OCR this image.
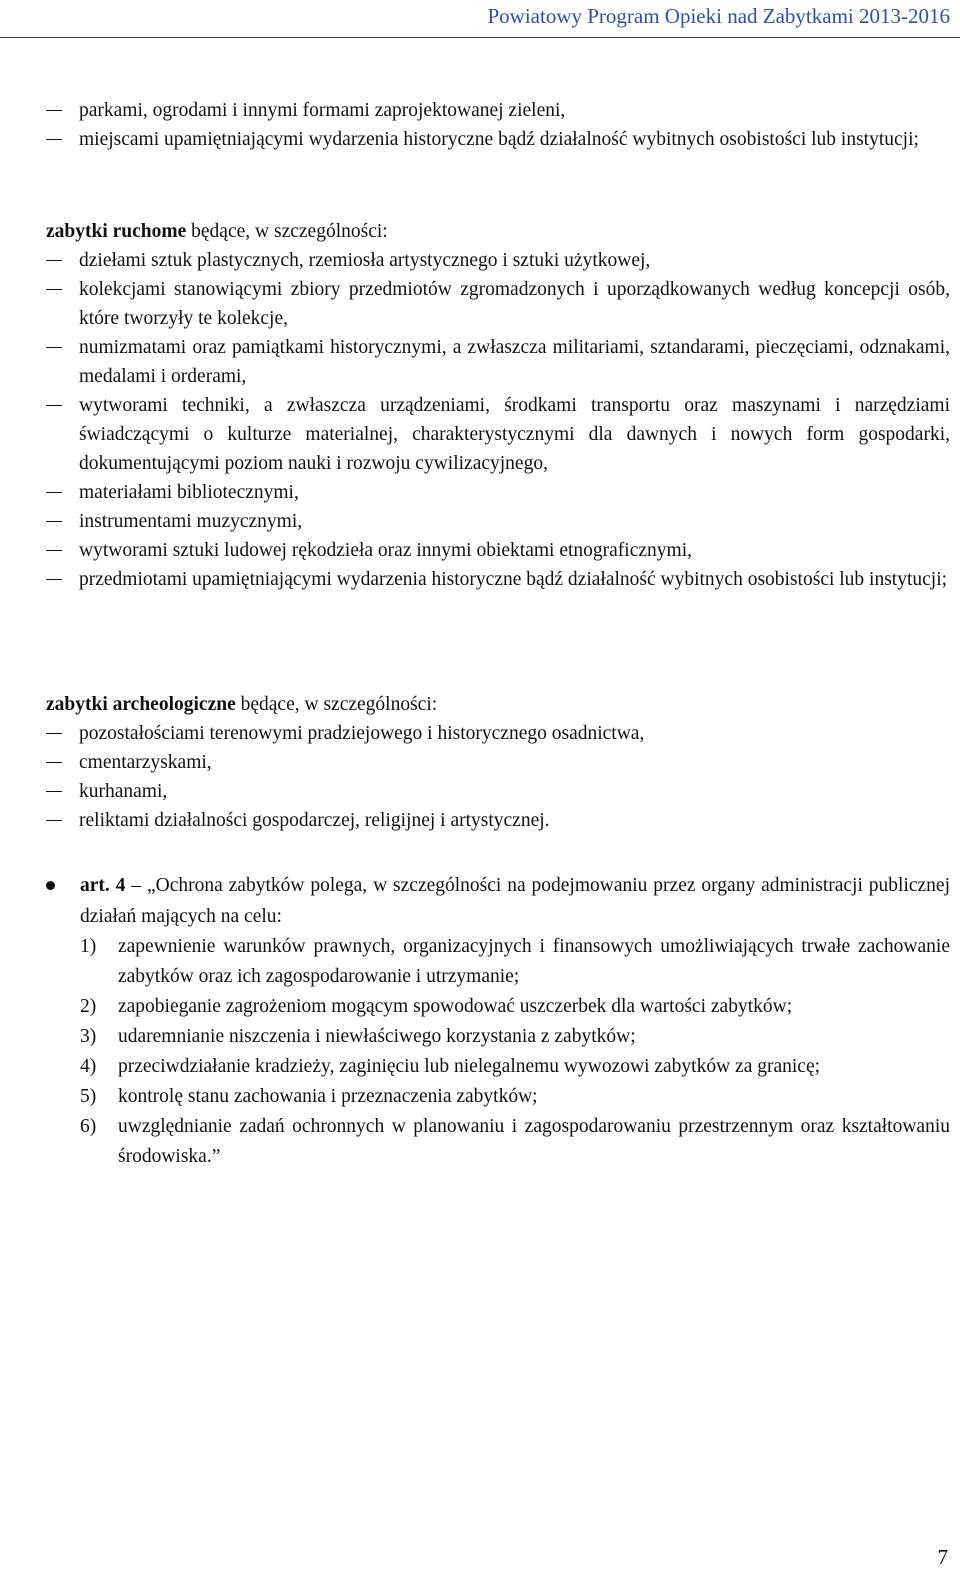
Powiatowy Program Opieki nad Zabytkami 2013-2016
parkami, ogrodami i innymi formami zaprojektowanej zieleni,
miejscami upamiętniającymi wydarzenia historyczne bądź działalność wybitnych osobistości lub instytucji;
zabytki ruchome będące, w szczególności:
dziełami sztuk plastycznych, rzemiosła artystycznego i sztuki użytkowej,
kolekcjami stanowiącymi zbiory przedmiotów zgromadzonych i uporządkowanych według koncepcji osób, które tworzyły te kolekcje,
numizmatami oraz pamiątkami historycznymi, a zwłaszcza militariami, sztandarami, pieczęciami, odznakami, medalami i orderami,
wytworami techniki, a zwłaszcza urządzeniami, środkami transportu oraz maszynami i narzędziami świadczącymi o kulturze materialnej, charakterystycznymi dla dawnych i nowych form gospodarki, dokumentującymi poziom nauki i rozwoju cywilizacyjnego,
materiałami bibliotecznymi,
instrumentami muzycznymi,
wytworami sztuki ludowej rękodzieła oraz innymi obiektami etnograficznymi,
przedmiotami upamiętniającymi wydarzenia historyczne bądź działalność wybitnych osobistości lub instytucji;
zabytki archeologiczne będące, w szczególności:
pozostałościami terenowymi pradziejowego i historycznego osadnictwa,
cmentarzyskami,
kurhanami,
reliktami działalności gospodarczej, religijnej i artystycznej.
art. 4 – „Ochrona zabytków polega, w szczególności na podejmowaniu przez organy administracji publicznej działań mających na celu:
1) zapewnienie warunków prawnych, organizacyjnych i finansowych umożliwiających trwałe zachowanie zabytków oraz ich zagospodarowanie i utrzymanie;
2) zapobieganie zagrożeniom mogącym spowodować uszczerbek dla wartości zabytków;
3) udaremnianie niszczenia i niewłaściwego korzystania z zabytków;
4) przeciwdziałanie kradzieży, zaginięciu lub nielegalnemu wywozowi zabytków za granicę;
5) kontrolę stanu zachowania i przeznaczenia zabytków;
6) uwzględnianie zadań ochronnych w planowaniu i zagospodarowaniu przestrzennym oraz kształtowaniu środowiska.”
7
